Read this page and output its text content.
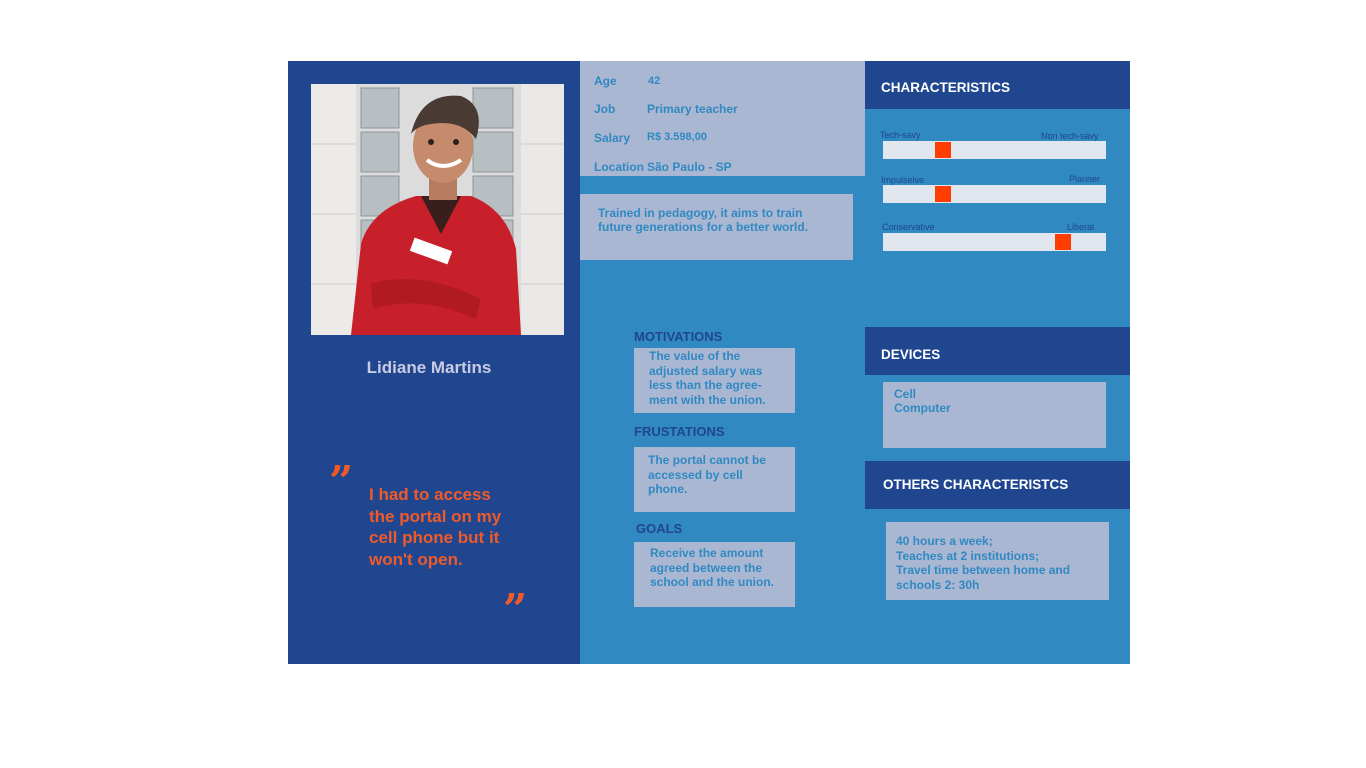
Lidiane Martins
” I had to access the portal on my cell phone but it won't open.
”
Age	42
Job	Primary teacher
Salary R$ 3.598,00
Location São Paulo - SP
Trained in pedagogy, it aims to train future generations for a better world.
MOTIVATIONS
The value of the
adjusted salary was
less than the agree-
ment with the union.
FRUSTATIONS
The portal cannot be
accessed by cell
phone.
GOALS
Receive the amount
agreed between the
school and the union.
CHARACTERISTICS
Tech-savy	Non tech-savy
Impulseive	Planner
Conservative	Liberal
DEVICES
Cell
Computer
OTHERS CHARACTERISTCS
40 hours a week;
Teaches at 2 institutions;
Travel time between home and
schools 2: 30h
